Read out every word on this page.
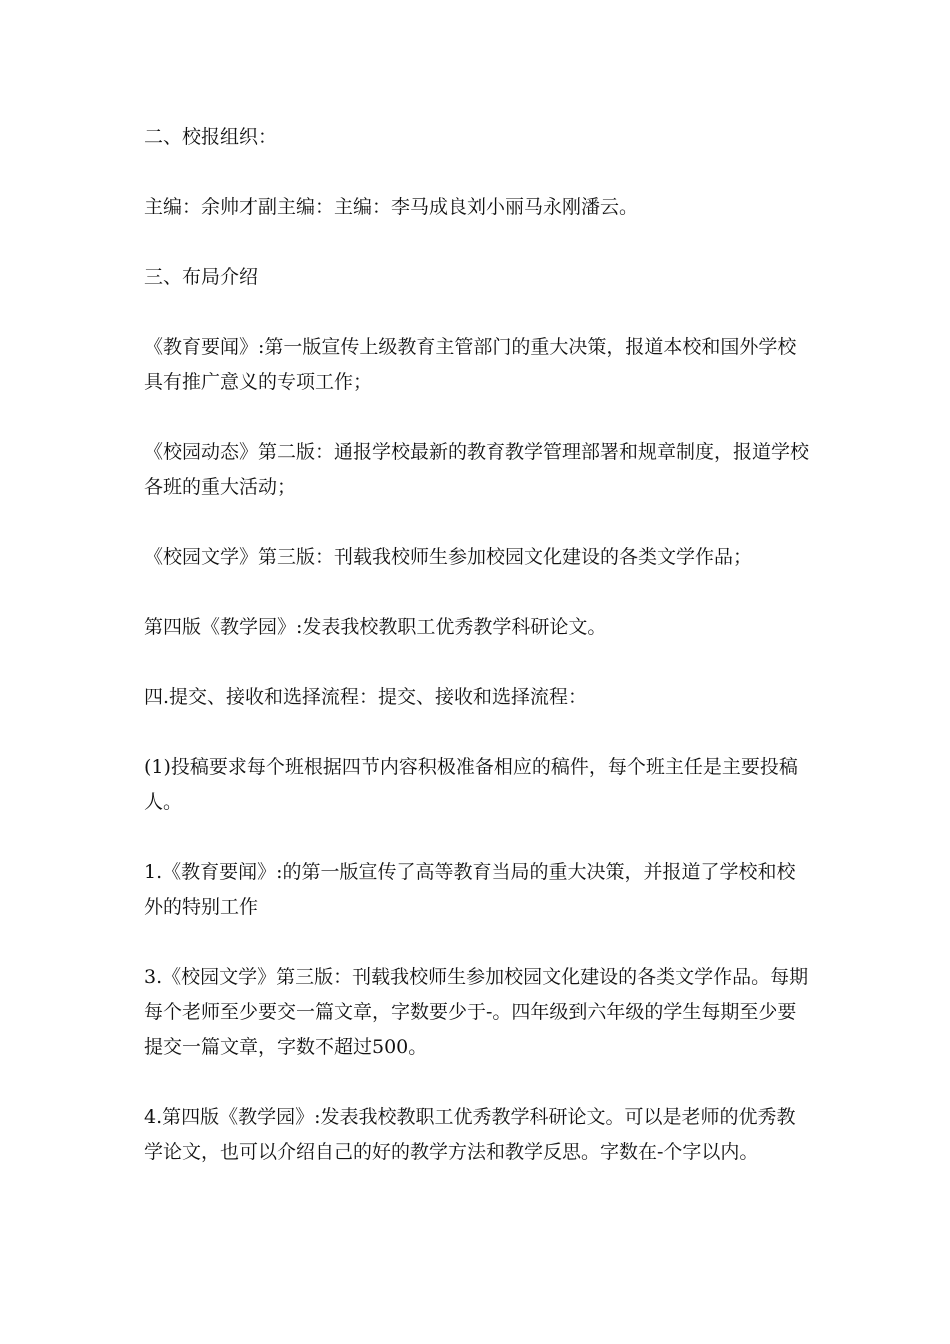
二、校报组织：

主编：余帅才副主编：主编：李马成良刘小丽马永刚潘云。

三、布局介绍

《教育要闻》:第一版宣传上级教育主管部门的重大决策，报道本校和国外学校具有推广意义的专项工作；

《校园动态》第二版：通报学校最新的教育教学管理部署和规章制度，报道学校各班的重大活动；

《校园文学》第三版：刊载我校师生参加校园文化建设的各类文学作品；

第四版《教学园》:发表我校教职工优秀教学科研论文。

四.提交、接收和选择流程：提交、接收和选择流程：

(1)投稿要求每个班根据四节内容积极准备相应的稿件，每个班主任是主要投稿人。

1.《教育要闻》:的第一版宣传了高等教育当局的重大决策，并报道了学校和校外的特别工作

3.《校园文学》第三版：刊载我校师生参加校园文化建设的各类文学作品。每期每个老师至少要交一篇文章，字数要少于-。四年级到六年级的学生每期至少要提交一篇文章，字数不超过500。

4.第四版《教学园》:发表我校教职工优秀教学科研论文。可以是老师的优秀教学论文，也可以介绍自己的好的教学方法和教学反思。字数在-个字以内。
